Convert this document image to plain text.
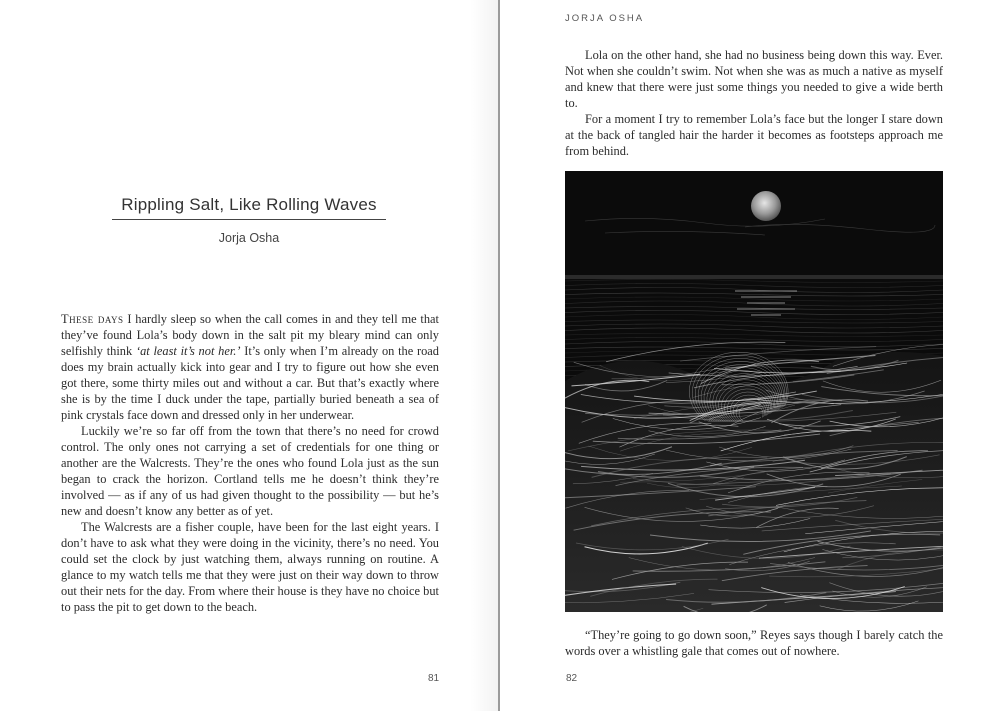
Rippling Salt, Like Rolling Waves
Jorja Osha

These days I hardly sleep so when the call comes in and they tell me that they’ve found Lola’s body down in the salt pit my bleary mind can only selfishly think ‘at least it’s not her.’ It’s only when I’m already on the road does my brain actually kick into gear and I try to figure out how she even got there, some thirty miles out and without a car. But that’s exactly where she is by the time I duck under the tape, partially buried beneath a sea of pink crystals face down and dressed only in her underwear.

Luckily we’re so far off from the town that there’s no need for crowd control. The only ones not carrying a set of credentials for one thing or another are the Walcrests. They’re the ones who found Lola just as the sun began to crack the horizon. Cortland tells me he doesn’t think they’re involved — as if any of us had given thought to the possibility — but he’s new and doesn’t know any better as of yet.

The Walcrests are a fisher couple, have been for the last eight years. I don’t have to ask what they were doing in the vicinity, there’s no need. You could set the clock by just watching them, always running on routine. A glance to my watch tells me that they were just on their way down to throw out their nets for the day. From where their house is they have no choice but to pass the pit to get down to the beach.

81
JORJA OSHA

Lola on the other hand, she had no business being down this way. Ever. Not when she couldn’t swim. Not when she was as much a native as myself and knew that there were just some things you needed to give a wide berth to.

For a moment I try to remember Lola’s face but the longer I stare down at the back of tangled hair the harder it becomes as footsteps approach me from behind.

“They’re going to go down soon,” Reyes says though I barely catch the words over a whistling gale that comes out of nowhere.

82
